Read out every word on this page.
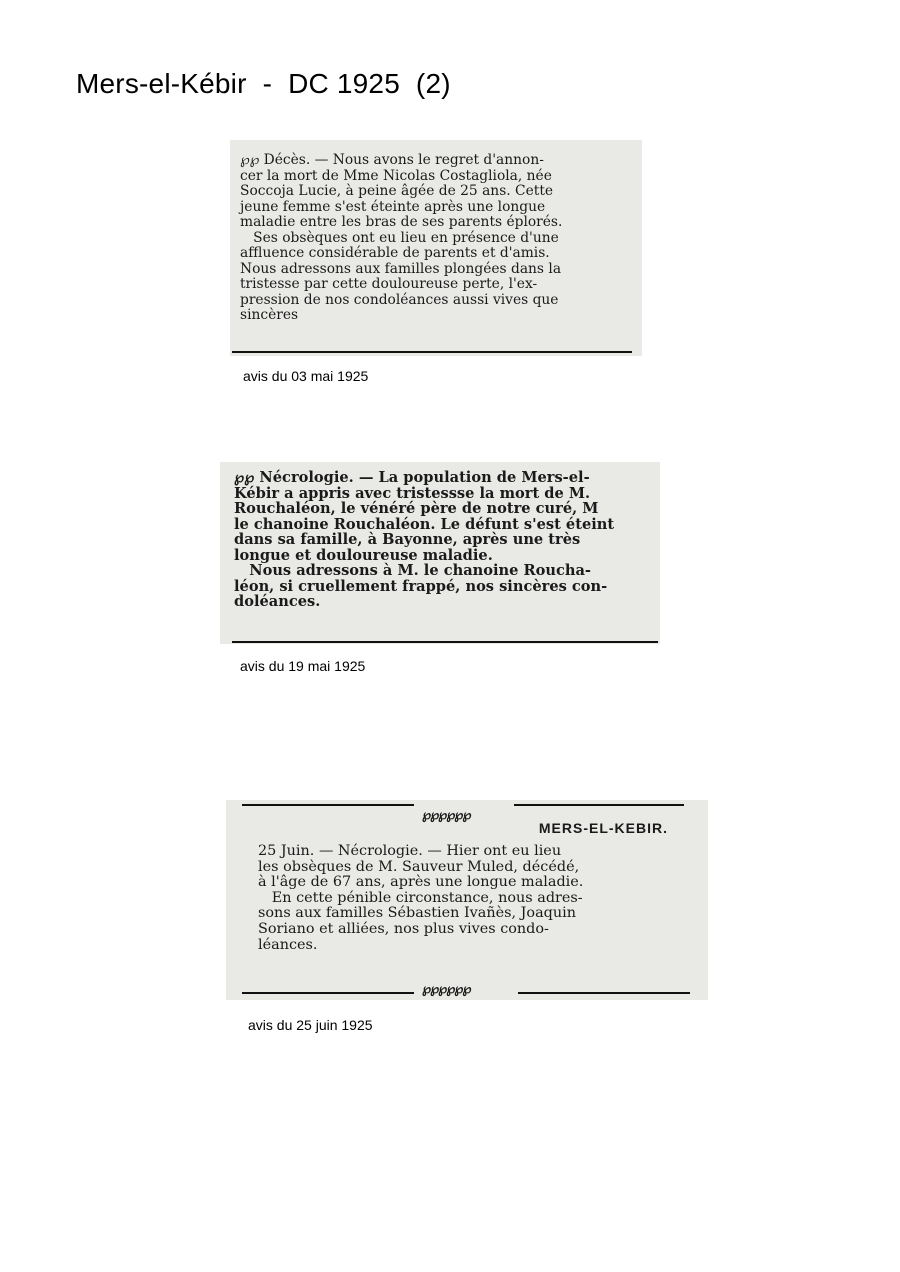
Mers-el-Kébir  -  DC 1925  (2)
℘℘ Décès. — Nous avons le regret d'annon-
cer la mort de Mme Nicolas Costagliola, née
Soccoja Lucie, à peine âgée de 25 ans. Cette
jeune femme s'est éteinte après une longue
maladie entre les bras de ses parents éplorés.
Ses obsèques ont eu lieu en présence d'une
affluence considérable de parents et d'amis.
Nous adressons aux familles plongées dans la
tristesse par cette douloureuse perte, l'ex-
pression de nos condoléances aussi vives que
sincères
avis du 03 mai 1925
℘℘ Nécrologie. — La population de Mers-el-
Kébir a appris avec tristessse la mort de M.
Rouchaléon, le vénéré père de notre curé, M
le chanoine Rouchaléon. Le défunt s'est éteint
dans sa famille, à Bayonne, après une très
longue et douloureuse maladie.
Nous adressons à M. le chanoine Roucha-
léon, si cruellement frappé, nos sincères con-
doléances.
avis du 19 mai 1925
℘℘℘℘℘℘
MERS-EL-KEBIR.
25 Juin. — Nécrologie. — Hier ont eu lieu
les obsèques de M. Sauveur Muled, décédé,
à l'âge de 67 ans, après une longue maladie.
En cette pénible circonstance, nous adres-
sons aux familles Sébastien Ivañès, Joaquin
Soriano et alliées, nos plus vives condo-
léances.
℘℘℘℘℘℘
avis du 25 juin 1925
